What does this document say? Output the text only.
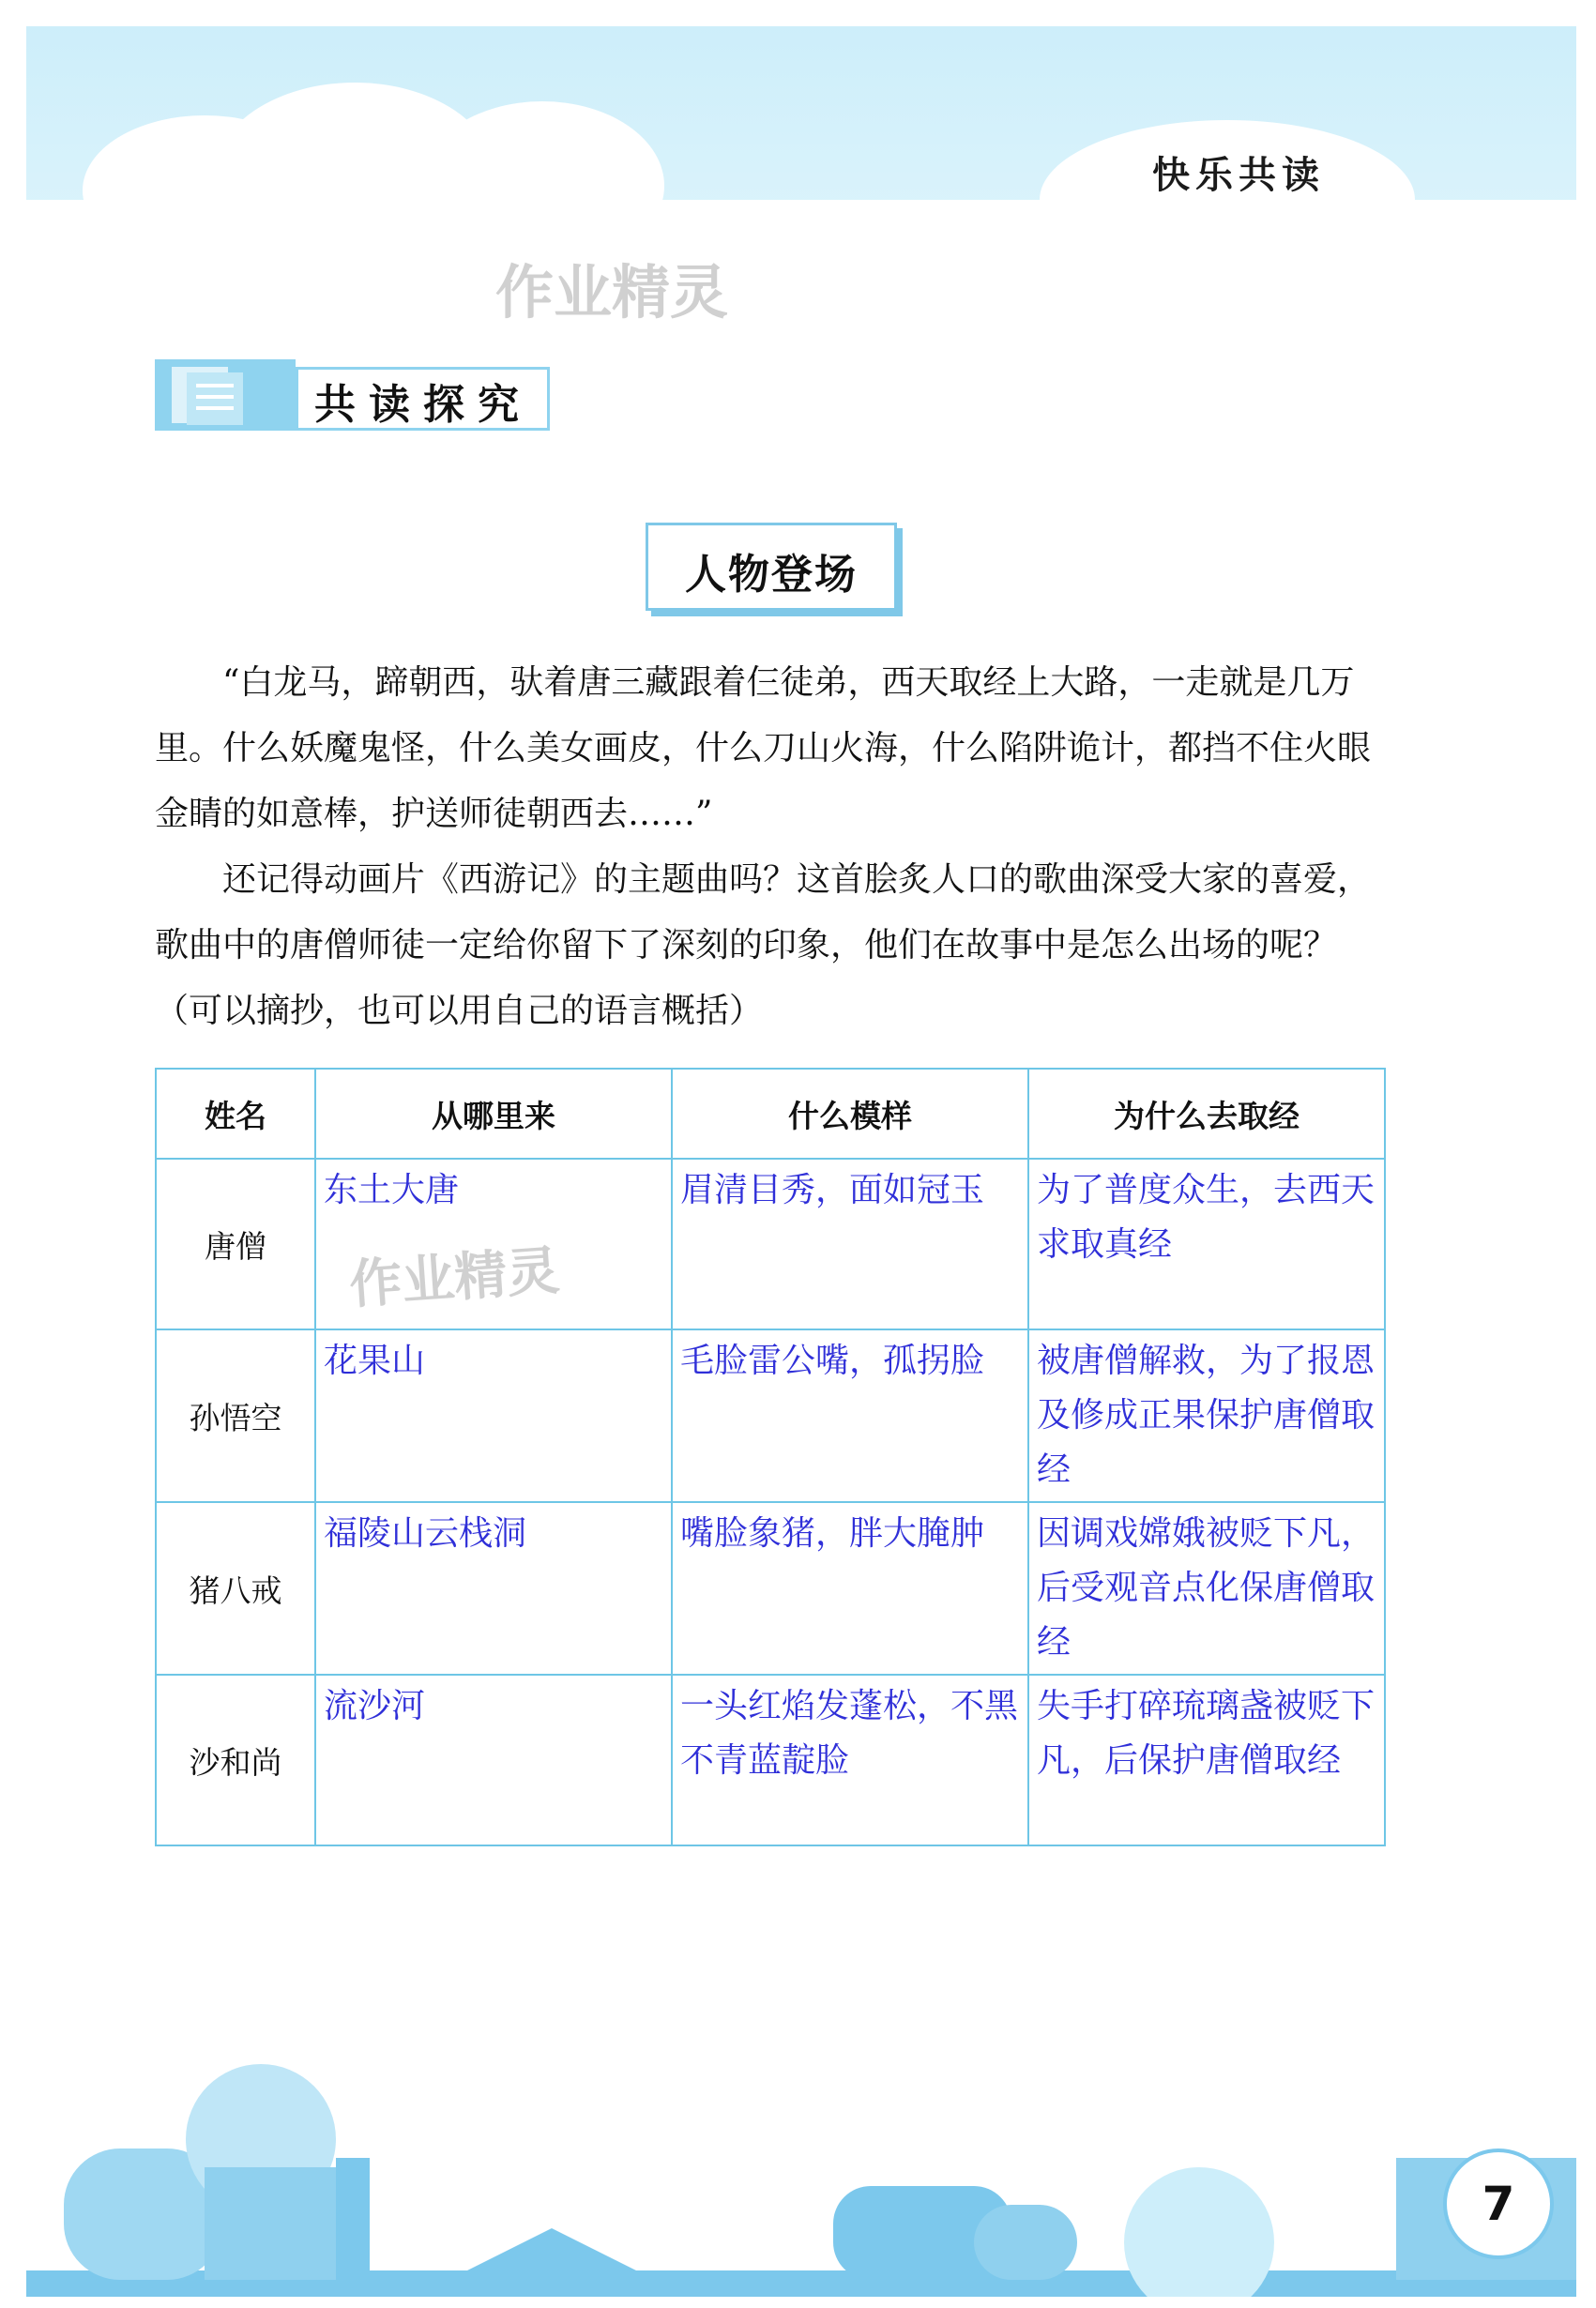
快乐共读
作业精灵
共读探究
人物登场

“白龙马，蹄朝西，驮着唐三藏跟着仨徒弟，西天取经上大路，一走就是几万里。什么妖魔鬼怪，什么美女画皮，什么刀山火海，什么陷阱诡计，都挡不住火眼金睛的如意棒，护送师徒朝西去……”

还记得动画片《西游记》的主题曲吗？这首脍炙人口的歌曲深受大家的喜爱，歌曲中的唐僧师徒一定给你留下了深刻的印象，他们在故事中是怎么出场的呢？（可以摘抄，也可以用自己的语言概括）

姓名	从哪里来	什么模样	为什么去取经
唐僧	东土大唐	眉清目秀，面如冠玉	为了普度众生，去西天求取真经
孙悟空	花果山	毛脸雷公嘴，孤拐脸	被唐僧解救，为了报恩及修成正果保护唐僧取经
猪八戒	福陵山云栈洞	嘴脸象猪，胖大腌肿	因调戏嫦娥被贬下凡，后受观音点化保唐僧取经
沙和尚	流沙河	一头红焰发蓬松，不黑不青蓝靛脸	失手打碎琉璃盏被贬下凡，后保护唐僧取经
作业精灵
7
